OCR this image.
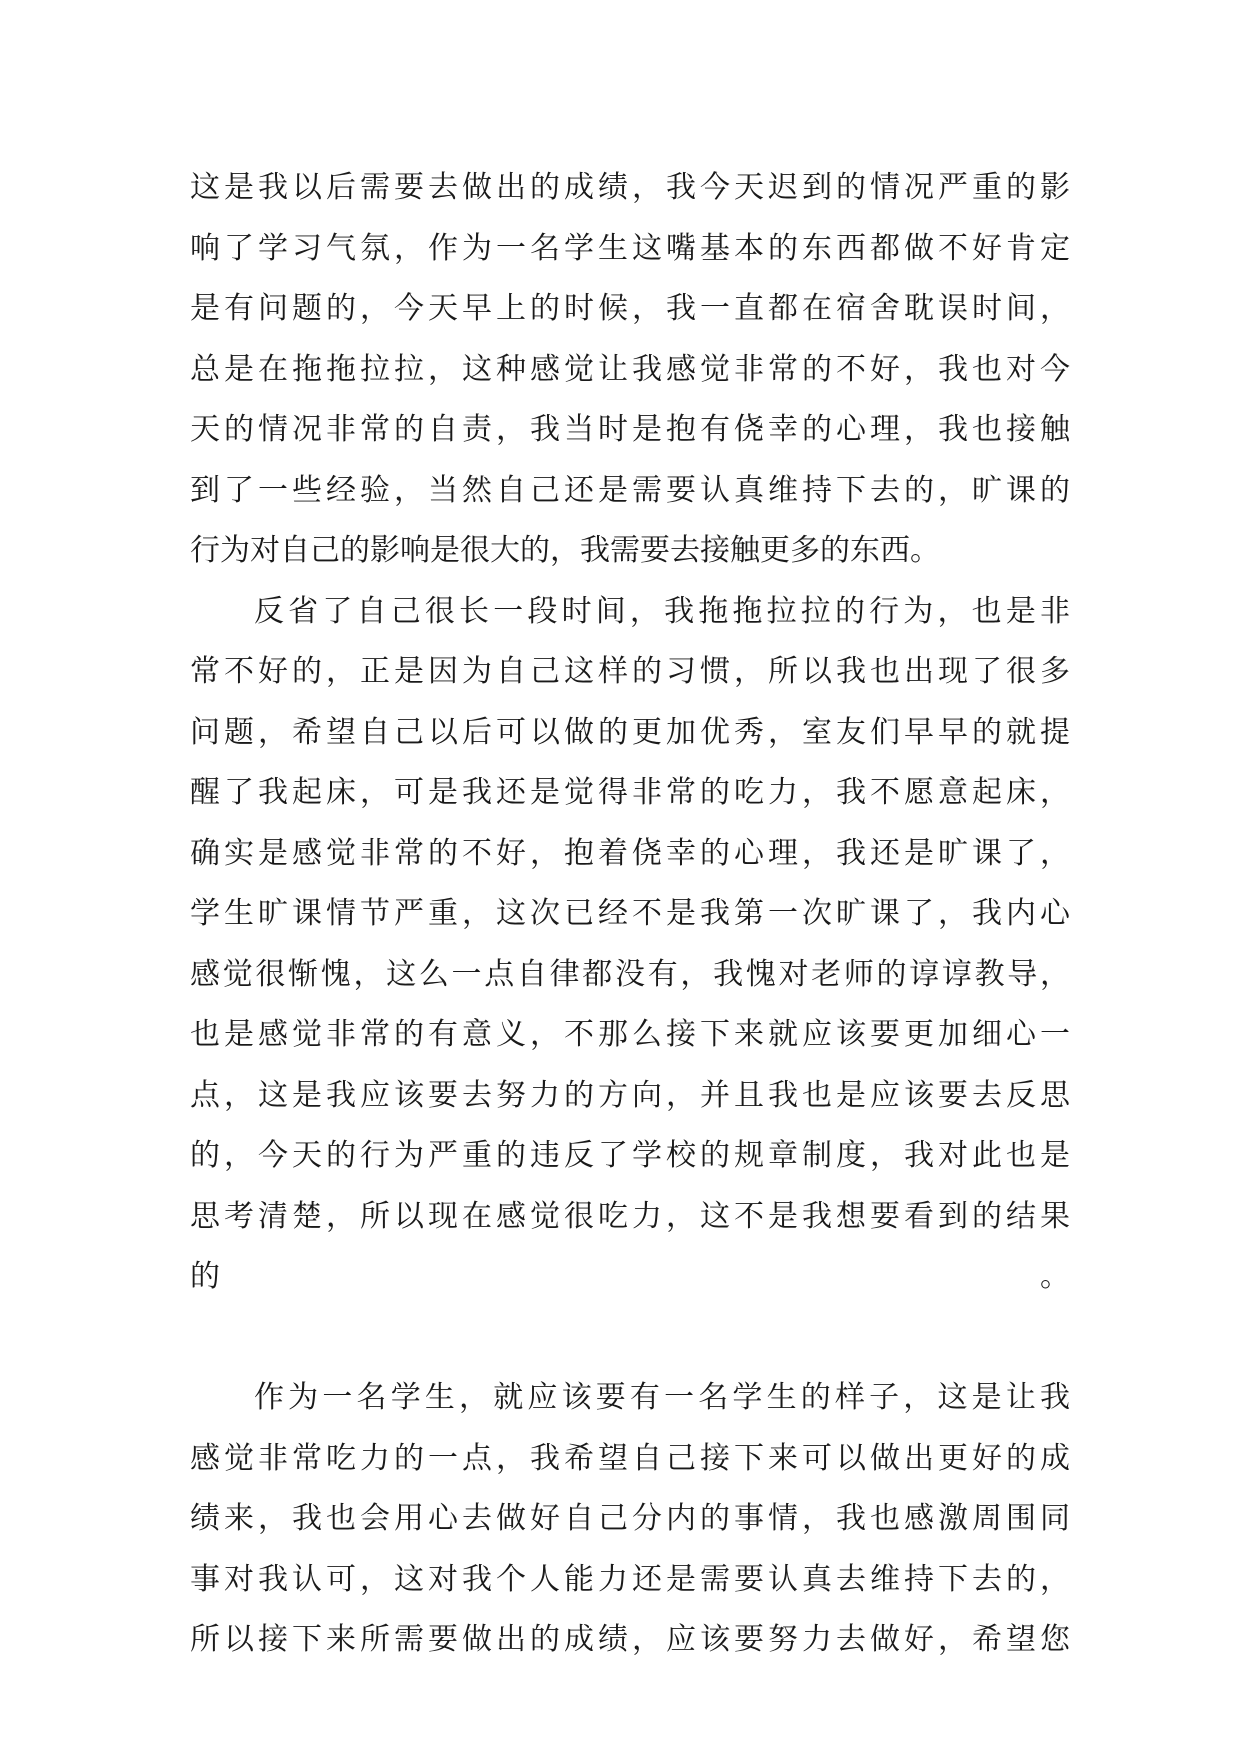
这是我以后需要去做出的成绩，我今天迟到的情况严重的影
响了学习气氛，作为一名学生这嘴基本的东西都做不好肯定
是有问题的，今天早上的时候，我一直都在宿舍耽误时间，
总是在拖拖拉拉，这种感觉让我感觉非常的不好，我也对今
天的情况非常的自责，我当时是抱有侥幸的心理，我也接触
到了一些经验，当然自己还是需要认真维持下去的，旷课的
行为对自己的影响是很大的，我需要去接触更多的东西。
反省了自己很长一段时间，我拖拖拉拉的行为，也是非
常不好的，正是因为自己这样的习惯，所以我也出现了很多
问题，希望自己以后可以做的更加优秀，室友们早早的就提
醒了我起床，可是我还是觉得非常的吃力，我不愿意起床，
确实是感觉非常的不好，抱着侥幸的心理，我还是旷课了，
学生旷课情节严重，这次已经不是我第一次旷课了，我内心
感觉很惭愧，这么一点自律都没有，我愧对老师的谆谆教导，
也是感觉非常的有意义，不那么接下来就应该要更加细心一
点，这是我应该要去努力的方向，并且我也是应该要去反思
的，今天的行为严重的违反了学校的规章制度，我对此也是
思考清楚，所以现在感觉很吃力，这不是我想要看到的结果
的。
作为一名学生，就应该要有一名学生的样子，这是让我
感觉非常吃力的一点，我希望自己接下来可以做出更好的成
绩来，我也会用心去做好自己分内的事情，我也感激周围同
事对我认可，这对我个人能力还是需要认真去维持下去的，
所以接下来所需要做出的成绩，应该要努力去做好，希望您
